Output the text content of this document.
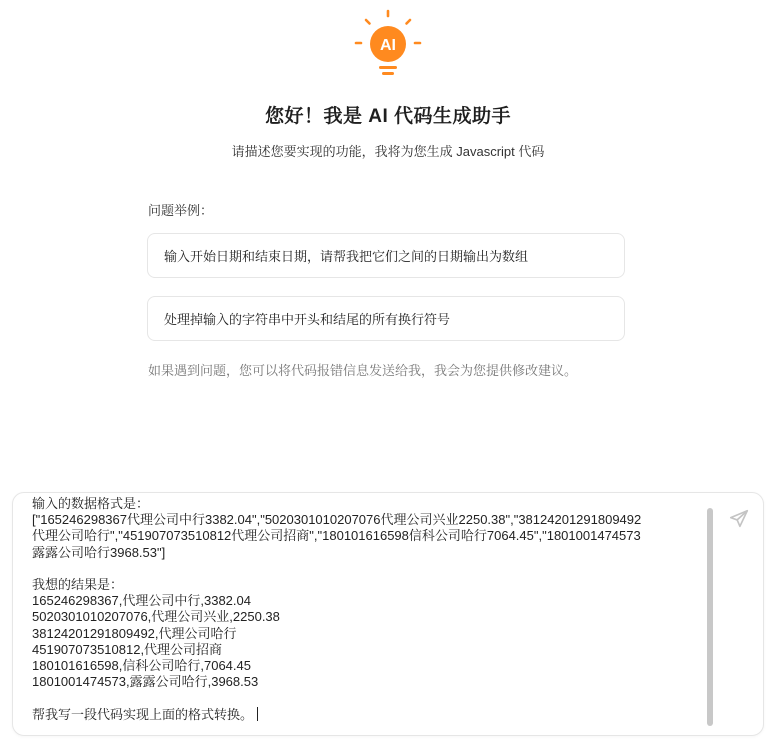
AI
您好！我是 AI 代码生成助手
请描述您要实现的功能，我将为您生成 Javascript 代码
问题举例：
输入开始日期和结束日期，请帮我把它们之间的日期输出为数组
处理掉输入的字符串中开头和结尾的所有换行符号
如果遇到问题，您可以将代码报错信息发送给我，我会为您提供修改建议。
输入的数据格式是：
["165246298367代理公司中行3382.04","5020301010207076代理公司兴业2250.38","38124201291809492
代理公司哈行","451907073510812代理公司招商","180101616598信科公司哈行7064.45","1801001474573
露露公司哈行3968.53"]
我想的结果是：
165246298367,代理公司中行,3382.04
5020301010207076,代理公司兴业,2250.38
38124201291809492,代理公司哈行
451907073510812,代理公司招商
180101616598,信科公司哈行,7064.45
1801001474573,露露公司哈行,3968.53
帮我写一段代码实现上面的格式转换。
